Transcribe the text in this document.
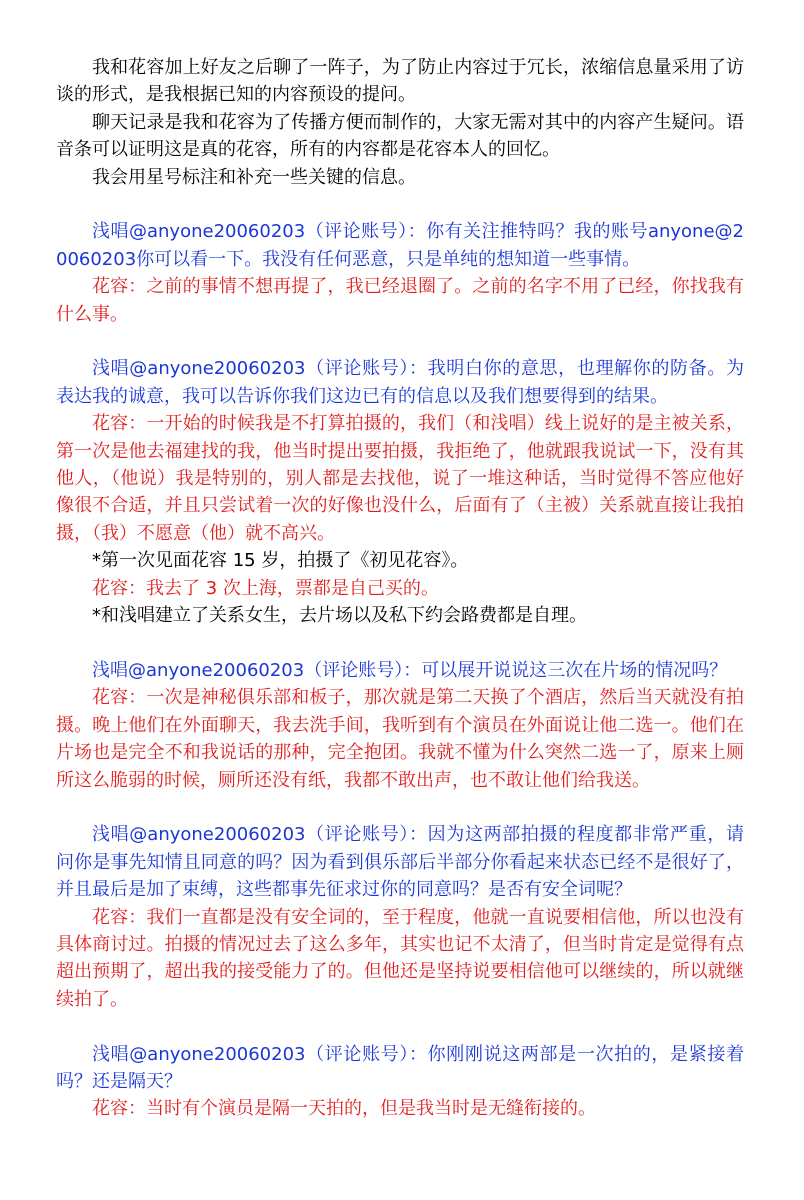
我和花容加上好友之后聊了一阵子，为了防止内容过于冗长，浓缩信息量采用了访谈的形式，是我根据已知的内容预设的提问。

聊天记录是我和花容为了传播方便而制作的，大家无需对其中的内容产生疑问。语音条可以证明这是真的花容，所有的内容都是花容本人的回忆。

我会用星号标注和补充一些关键的信息。

浅唱@anyone20060203（评论账号）：你有关注推特吗？我的账号anyone@20060203你可以看一下。我没有任何恶意，只是单纯的想知道一些事情。

花容：之前的事情不想再提了，我已经退圈了。之前的名字不用了已经，你找我有什么事。

浅唱@anyone20060203（评论账号）：我明白你的意思，也理解你的防备。为表达我的诚意，我可以告诉你我们这边已有的信息以及我们想要得到的结果。

花容：一开始的时候我是不打算拍摄的，我们（和浅唱）线上说好的是主被关系，第一次是他去福建找的我，他当时提出要拍摄，我拒绝了，他就跟我说试一下，没有其他人，（他说）我是特别的，别人都是去找他，说了一堆这种话，当时觉得不答应他好像很不合适，并且只尝试着一次的好像也没什么，后面有了（主被）关系就直接让我拍摄，（我）不愿意（他）就不高兴。

*第一次见面花容 15 岁，拍摄了《初见花容》。

花容：我去了 3 次上海，票都是自己买的。

*和浅唱建立了关系女生，去片场以及私下约会路费都是自理。

浅唱@anyone20060203（评论账号）：可以展开说说这三次在片场的情况吗？

花容：一次是神秘俱乐部和板子，那次就是第二天换了个酒店，然后当天就没有拍摄。晚上他们在外面聊天，我去洗手间，我听到有个演员在外面说让他二选一。他们在片场也是完全不和我说话的那种，完全抱团。我就不懂为什么突然二选一了，原来上厕所这么脆弱的时候，厕所还没有纸，我都不敢出声，也不敢让他们给我送。

浅唱@anyone20060203（评论账号）：因为这两部拍摄的程度都非常严重，请问你是事先知情且同意的吗？因为看到俱乐部后半部分你看起来状态已经不是很好了，并且最后是加了束缚，这些都事先征求过你的同意吗？是否有安全词呢？

花容：我们一直都是没有安全词的，至于程度，他就一直说要相信他，所以也没有具体商讨过。拍摄的情况过去了这么多年，其实也记不太清了，但当时肯定是觉得有点超出预期了，超出我的接受能力了的。但他还是坚持说要相信他可以继续的，所以就继续拍了。

浅唱@anyone20060203（评论账号）：你刚刚说这两部是一次拍的，是紧接着吗？还是隔天？

花容：当时有个演员是隔一天拍的，但是我当时是无缝衔接的。
